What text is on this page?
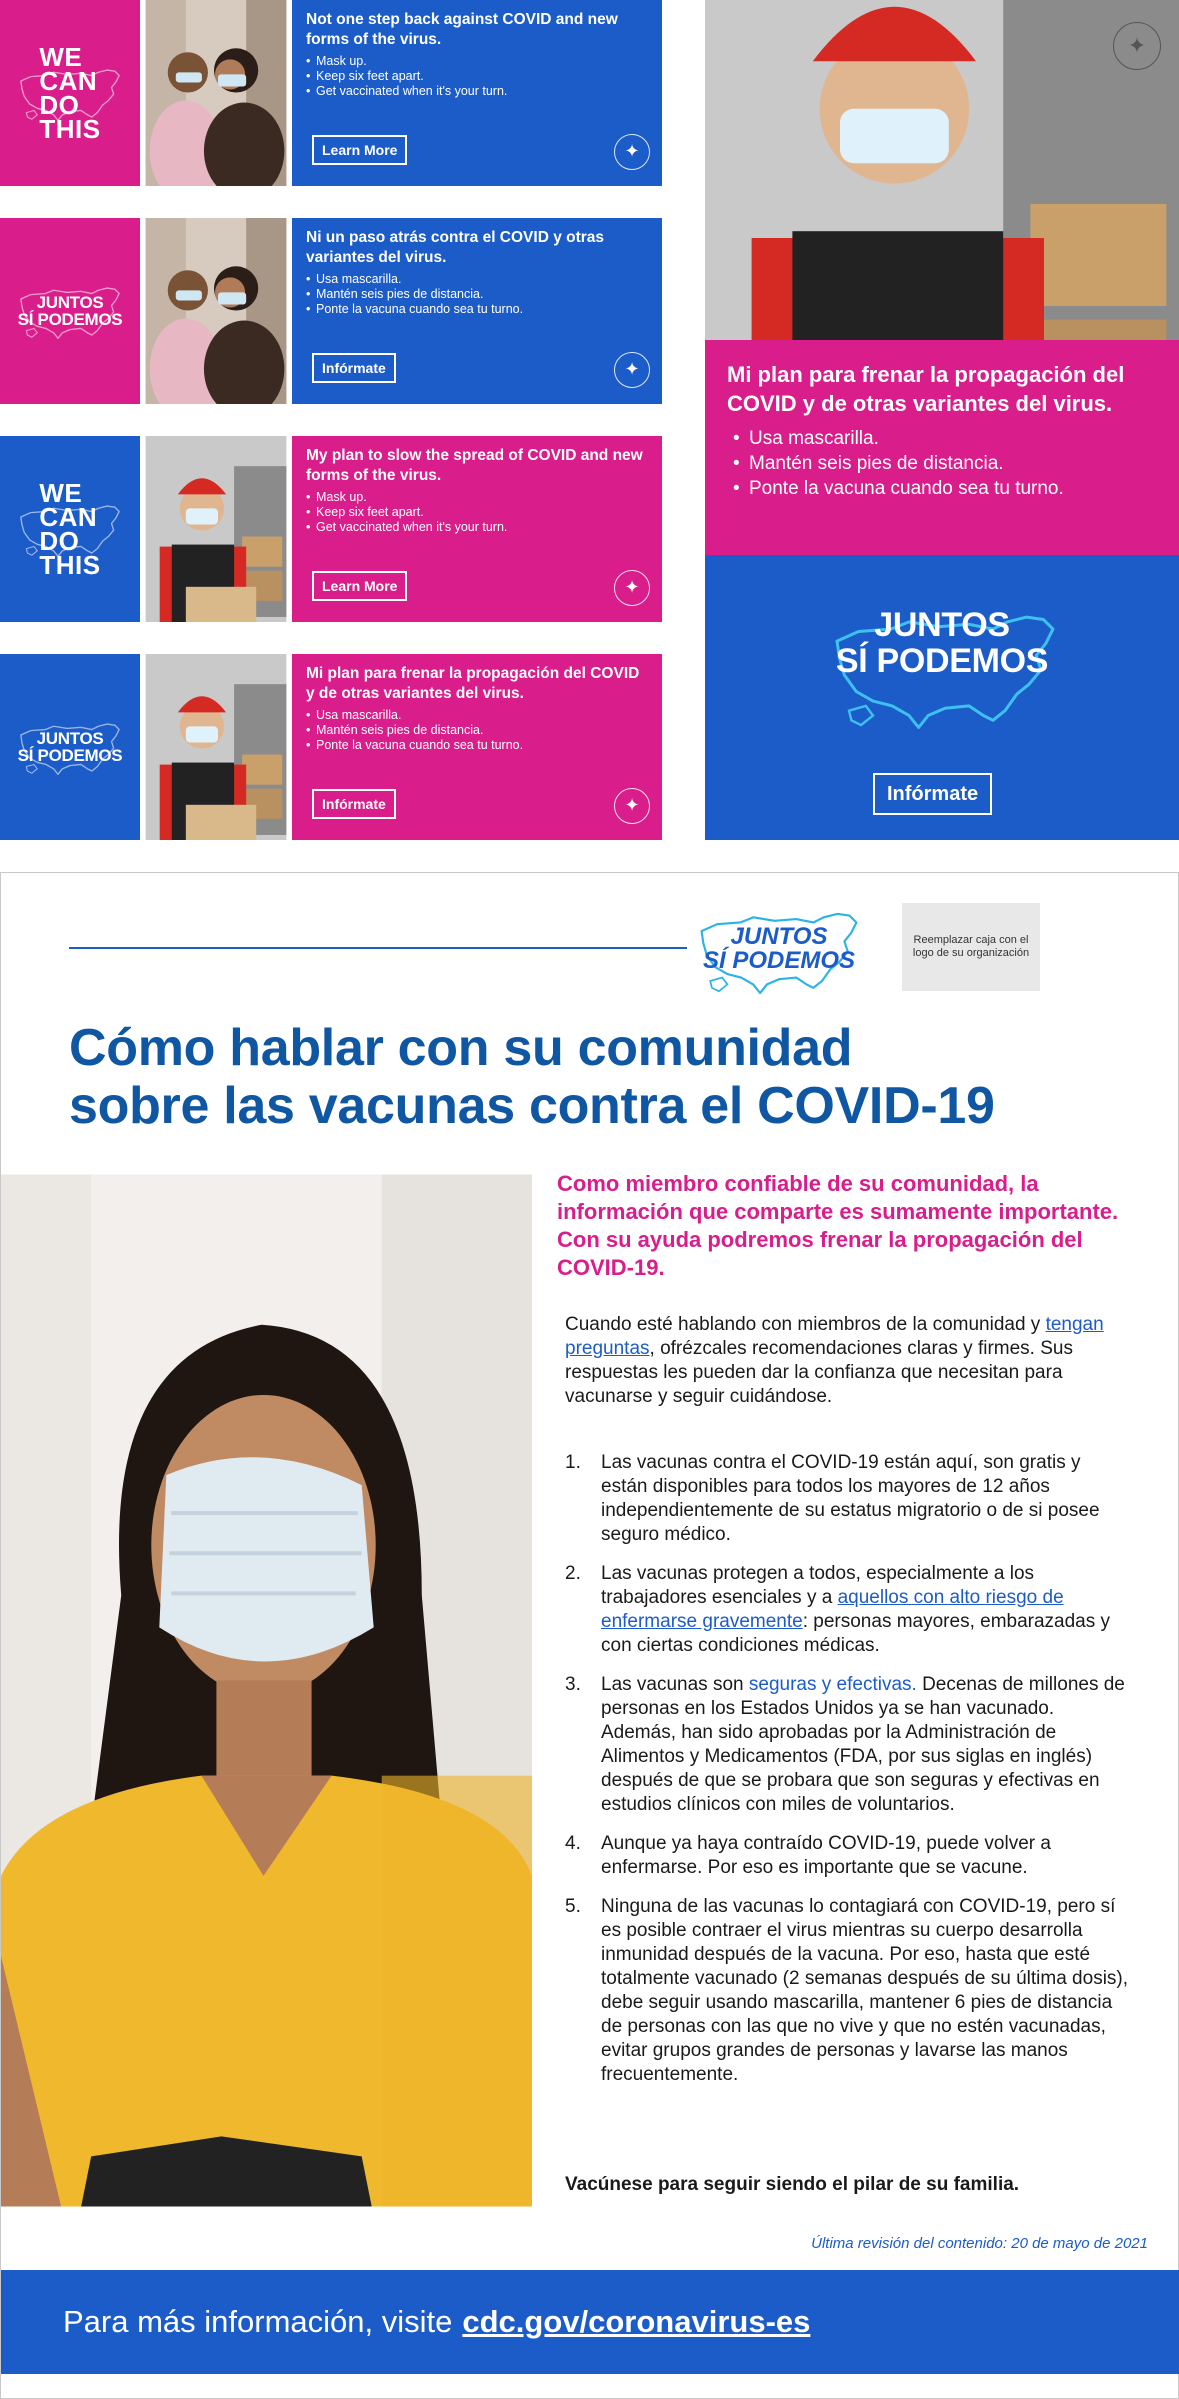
WE
CAN
DO
THIS
Not one step back against COVID and new forms of the virus.
• Mask up.
• Keep six feet apart.
• Get vaccinated when it's your turn.
Learn More	✦
JUNTOS
SÍ PODEMOS
Ni un paso atrás contra el COVID y otras variantes del virus.
• Usa mascarilla.
• Mantén seis pies de distancia.
• Ponte la vacuna cuando sea tu turno.
Infórmate	✦
WE
CAN
DO
THIS
My plan to slow the spread of COVID and new forms of the virus.
• Mask up.
• Keep six feet apart.
• Get vaccinated when it's your turn.
Learn More	✦
JUNTOS
SÍ PODEMOS
Mi plan para frenar la propagación del COVID y de otras variantes del virus.
• Usa mascarilla.
• Mantén seis pies de distancia.
• Ponte la vacuna cuando sea tu turno.
Infórmate	✦
✦
Mi plan para frenar la propagación del COVID y de otras variantes del virus.
• Usa mascarilla.
• Mantén seis pies de distancia.
• Ponte la vacuna cuando sea tu turno.
JUNTOS
SÍ PODEMOS
Infórmate
JUNTOS
SÍ PODEMOS
Reemplazar caja con el logo de su organización
Cómo hablar con su comunidad
sobre las vacunas contra el COVID-19
Como miembro confiable de su comunidad, la información que comparte es sumamente importante. Con su ayuda podremos frenar la propagación del COVID-19.
Cuando esté hablando con miembros de la comunidad y tengan preguntas, ofrézcales recomendaciones claras y firmes. Sus respuestas les pueden dar la confianza que necesitan para vacunarse y seguir cuidándose.
1. Las vacunas contra el COVID-19 están aquí, son gratis y están disponibles para todos los mayores de 12 años independientemente de su estatus migratorio o de si posee seguro médico.
2. Las vacunas protegen a todos, especialmente a los trabajadores esenciales y a aquellos con alto riesgo de enfermarse gravemente: personas mayores, embarazadas y con ciertas condiciones médicas.
3. Las vacunas son seguras y efectivas. Decenas de millones de personas en los Estados Unidos ya se han vacunado. Además, han sido aprobadas por la Administración de Alimentos y Medicamentos (FDA, por sus siglas en inglés) después de que se probara que son seguras y efectivas en estudios clínicos con miles de voluntarios.
4. Aunque ya haya contraído COVID-19, puede volver a enfermarse. Por eso es importante que se vacune.
5. Ninguna de las vacunas lo contagiará con COVID-19, pero sí es posible contraer el virus mientras su cuerpo desarrolla inmunidad después de la vacuna. Por eso, hasta que esté totalmente vacunado (2 semanas después de su última dosis), debe seguir usando mascarilla, mantener 6 pies de distancia de personas con las que no vive y que no estén vacunadas, evitar grupos grandes de personas y lavarse las manos frecuentemente.
Vacúnese para seguir siendo el pilar de su familia.
Última revisión del contenido: 20 de mayo de 2021
Para más información, visite cdc.gov/coronavirus-es
